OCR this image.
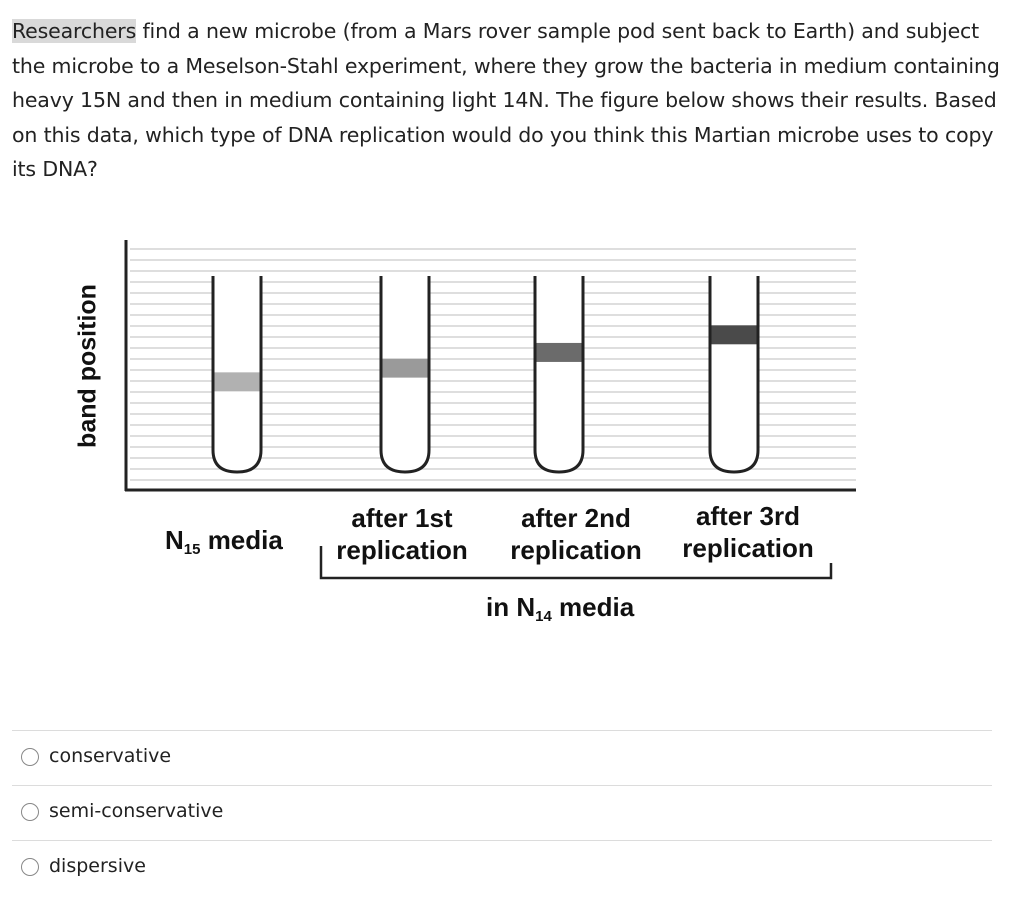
Researchers find a new microbe (from a Mars rover sample pod sent back to Earth) and subject the microbe to a Meselson-Stahl experiment, where they grow the bacteria in medium containing heavy 15N and then in medium containing light 14N. The figure below shows their results. Based on this data, which type of DNA replication would do you think this Martian microbe uses to copy its DNA?
band position
$N_{15}$ media
after 1st
replication
after 2nd
replication
after 3rd
replication
in $N_{14}$ media
conservative
semi-conservative
dispersive
